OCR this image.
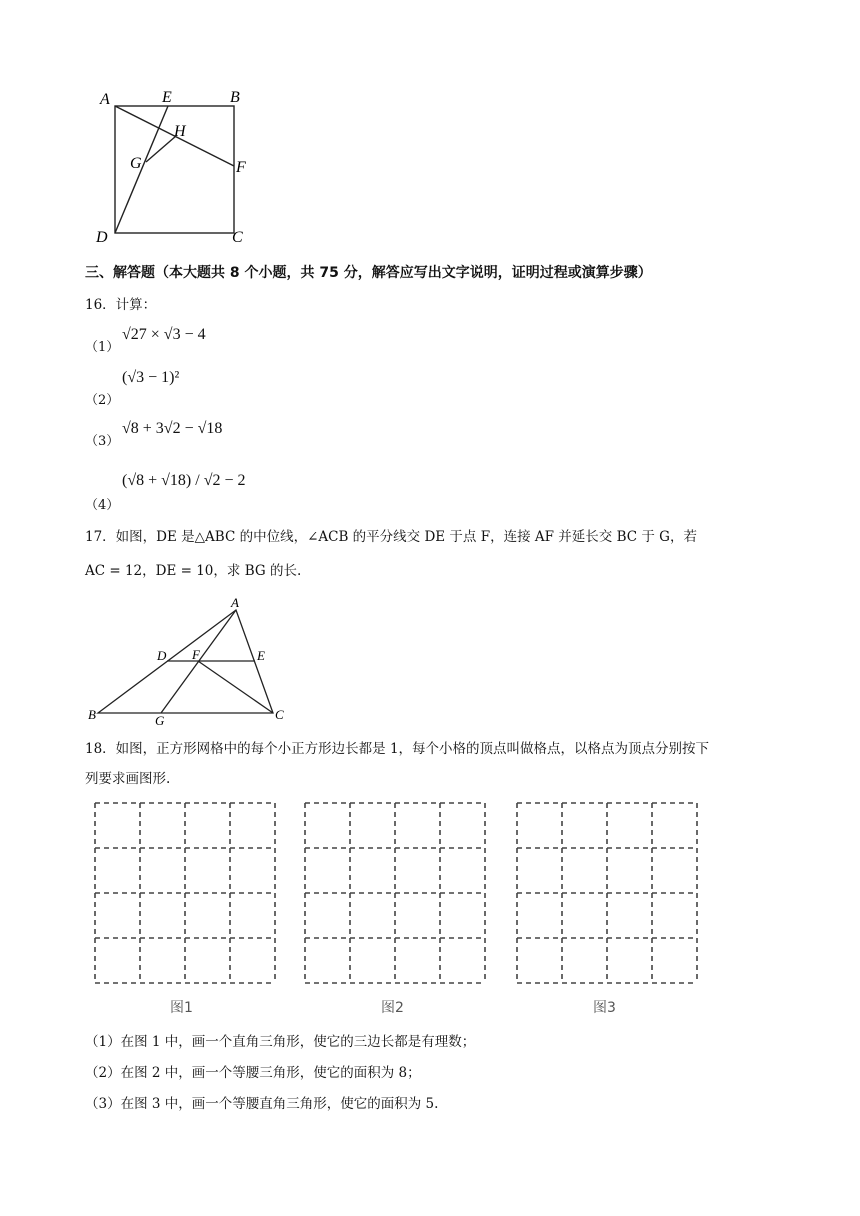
A	E	B
H
G	F
D	C
三、解答题（本大题共 8 个小题，共 75 分，解答应写出文字说明，证明过程或演算步骤）
16．计算：
（1）
√27 × √3 − 4
（2）
(√3 − 1)²
（3）
√8 + 3√2 − √18
（4）
(√8 + √18) / √2 − 2
17．如图，DE 是△ABC 的中位线，∠ACB 的平分线交 DE 于点 F，连接 AF 并延长交 BC 于 G，若
AC = 12，DE = 10，求 BG 的长.
A
D F	E
B	G	C
18．如图，正方形网格中的每个小正方形边长都是 1，每个小格的顶点叫做格点，以格点为顶点分别按下
列要求画图形.
图1	图2	图3
（1）在图 1 中，画一个直角三角形，使它的三边长都是有理数；
（2）在图 2 中，画一个等腰三角形，使它的面积为 8；
（3）在图 3 中，画一个等腰直角三角形，使它的面积为 5.
